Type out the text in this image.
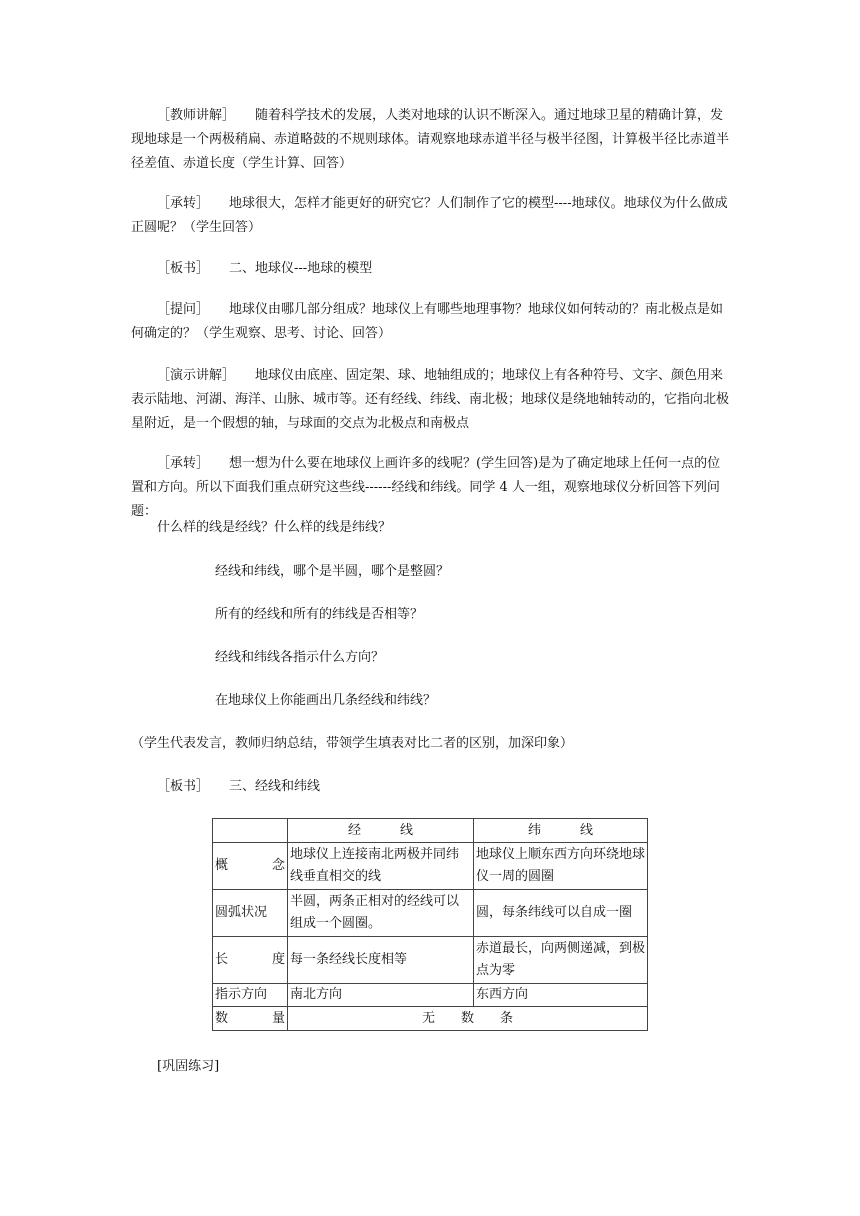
［教师讲解］ 随着科学技术的发展，人类对地球的认识不断深入。通过地球卫星的精确计算，发现地球是一个两极稍扁、赤道略鼓的不规则球体。请观察地球赤道半径与极半径图，计算极半径比赤道半径差值、赤道长度（学生计算、回答）

［承转］ 地球很大，怎样才能更好的研究它？人们制作了它的模型----地球仪。地球仪为什么做成正圆呢？（学生回答）

［板书］ 二、地球仪---地球的模型

［提问］ 地球仪由哪几部分组成？地球仪上有哪些地理事物？地球仪如何转动的？南北极点是如何确定的？（学生观察、思考、讨论、回答）

［演示讲解］ 地球仪由底座、固定架、球、地轴组成的；地球仪上有各种符号、文字、颜色用来表示陆地、河湖、海洋、山脉、城市等。还有经线、纬线、南北极；地球仪是绕地轴转动的，它指向北极星附近，是一个假想的轴，与球面的交点为北极点和南极点

［承转］ 想一想为什么要在地球仪上画许多的线呢？(学生回答)是为了确定地球上任何一点的位置和方向。所以下面我们重点研究这些线------经线和纬线。同学 4 人一组，观察地球仪分析回答下列问题：

什么样的线是经线？什么样的线是纬线？

经线和纬线，哪个是半圆，哪个是整圆？

所有的经线和所有的纬线是否相等？

经线和纬线各指示什么方向？

在地球仪上你能画出几条经线和纬线？

（学生代表发言，教师归纳总结，带领学生填表对比二者的区别，加深印象）

［板书］ 三、经线和纬线

	经　　　线	纬　　　线

概 念	地球仪上连接南北两极并同纬线垂直相交的线	地球仪上顺东西方向环绕地球仪一周的圆圈
圆弧状况	半圆，两条正相对的经线可以组成一个圆圈。	圆，每条纬线可以自成一圈

长 度	每一条经线长度相等	赤道最长，向两侧递减，到极点为零
指示方向	南北方向	东西方向

数 量	无　　数　　条	

[巩固练习]
